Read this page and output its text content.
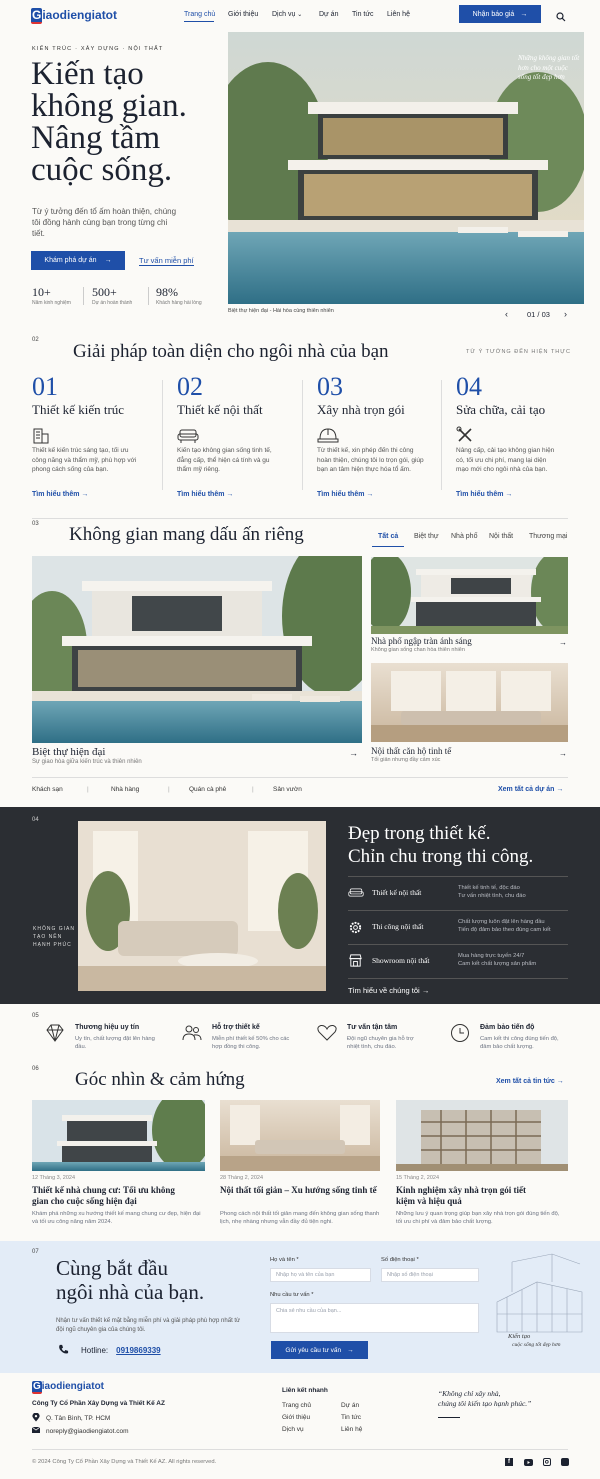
Giaodiengiatot	Trang chủ Giới thiệu Dịch vụ ⌄ Dự án Tin tức Liên hệ	Nhận báo giá →
KIẾN TRÚC · XÂY DỰNG · NỘI THẤT
Kiến tạo
không gian.
Nâng tầm
cuộc sống.
Từ ý tưởng đến tổ ấm hoàn thiện, chúng tôi đồng hành cùng bạn trong từng chi tiết.
Khám phá dự án →	Tư vấn miễn phí
10+
Năm kinh nghiệm
500+
Dự án hoàn thành
98%
Khách hàng hài lòng
Những không gian tốt hơn cho một cuộc sống tốt đẹp hơn
Biệt thự hiện đại - Hài hòa cùng thiên nhiên	‹	01 / 03 ›
02
Giải pháp toàn diện cho ngôi nhà của bạn	TỪ Ý TƯỞNG ĐẾN HIỆN THỰC
01
Thiết kế kiến trúc
Thiết kế kiến trúc sáng tạo, tối ưu công năng và thẩm mỹ, phù hợp với phong cách sống của bạn.
Tìm hiểu thêm →
02
Thiết kế nội thất
Kiến tạo không gian sống tinh tế, đẳng cấp, thể hiện cá tính và gu thẩm mỹ riêng.
Tìm hiểu thêm →
03
Xây nhà trọn gói
Từ thiết kế, xin phép đến thi công hoàn thiện, chúng tôi lo trọn gói, giúp bạn an tâm hiện thực hóa tổ ấm.
Tìm hiểu thêm →
04
Sửa chữa, cải tạo
Nâng cấp, cải tạo không gian hiện có, tối ưu chi phí, mang lại diện mạo mới cho ngôi nhà của bạn.
Tìm hiểu thêm →
03 Không gian mang dấu ấn riêng	Tất cả Biệt thự Nhà phố Nội thất Thương mại
Biệt thự hiện đại
Sự giao hòa giữa kiến trúc và thiên nhiên
→
Nhà phố ngập tràn ánh sáng
Không gian sống chan hòa thiên nhiên
→
Nội thất căn hộ tinh tế
Tối giản nhưng đầy cảm xúc
→
Khách sạn	|	Nhà hàng	|	Quán cà phê	|	Sản vườn	Xem tất cả dự án →
04
KHÔNG GIAN
TẠO NÊN
HẠNH PHÚC
Đẹp trong thiết kế.
Chỉn chu trong thi công.
Thiết kế nội thất	Thiết kế tinh tế, độc đáo
Tư vấn nhiệt tình, chu đáo
Thi công nội thất	Chất lượng luôn đặt lên hàng đầu
Tiến độ đảm bảo theo đúng cam kết
Showroom nội thất	Mua hàng trực tuyến 24/7
Cam kết chất lượng sản phẩm
Tìm hiểu về chúng tôi →
05
Thương hiệu uy tín
Uy tín, chất lượng đặt lên hàng đầu.
Hỗ trợ thiết kế
Miễn phí thiết kế 50% cho các hợp đồng thi công.
Tư vấn tận tâm
Đội ngũ chuyên gia hỗ trợ nhiệt tình, chu đáo.
Đảm bảo tiến độ
Cam kết thi công đúng tiến độ, đảm bảo chất lượng.
06 Góc nhìn & cảm hứng	Xem tất cả tin tức →
12 Tháng 3, 2024
Thiết kế nhà chung cư: Tối ưu không gian cho cuộc sống hiện đại
Khám phá những xu hướng thiết kế mang chung cư đẹp, hiện đại và tối ưu công năng năm 2024.
28 Tháng 2, 2024
Nội thất tối giản – Xu hướng sống tinh tế
Phong cách nội thất tối giản mang đến không gian sống thanh lịch, nhẹ nhàng nhưng vẫn đầy đủ tiện nghi.
15 Tháng 2, 2024
Kinh nghiệm xây nhà trọn gói tiết kiệm và hiệu quả
Những lưu ý quan trọng giúp bạn xây nhà trọn gói đúng tiến độ, tối ưu chi phí và đảm bảo chất lượng.
07
Cùng bắt đầu
ngôi nhà của bạn.
Nhận tư vấn thiết kế mặt bằng miễn phí và giải pháp phù hợp nhất từ đội ngũ chuyên gia của chúng tôi.
Hotline: 0919869339
Họ và tên *
Nhập họ và tên của bạn
Số điện thoại *
Nhập số điện thoại
Nhu cầu tư vấn *
Chia sẻ nhu cầu của bạn...
Gửi yêu cầu tư vấn →
Kiến tạo
cuộc sống tốt đẹp hơn
Giaodiengiatot
Công Ty Cổ Phần Xây Dựng và Thiết Kế AZ
Q. Tân Bình, TP. HCM
noreply@giaodiengiatot.com
Liên kết nhanh
Trang chủ
Giới thiệu
Dịch vụ
Dự án
Tin tức
Liên hệ
“Không chỉ xây nhà,
chúng tôi kiến tạo hạnh phúc.”
© 2024 Công Ty Cổ Phần Xây Dựng và Thiết Kế AZ. All rights reserved.	f
